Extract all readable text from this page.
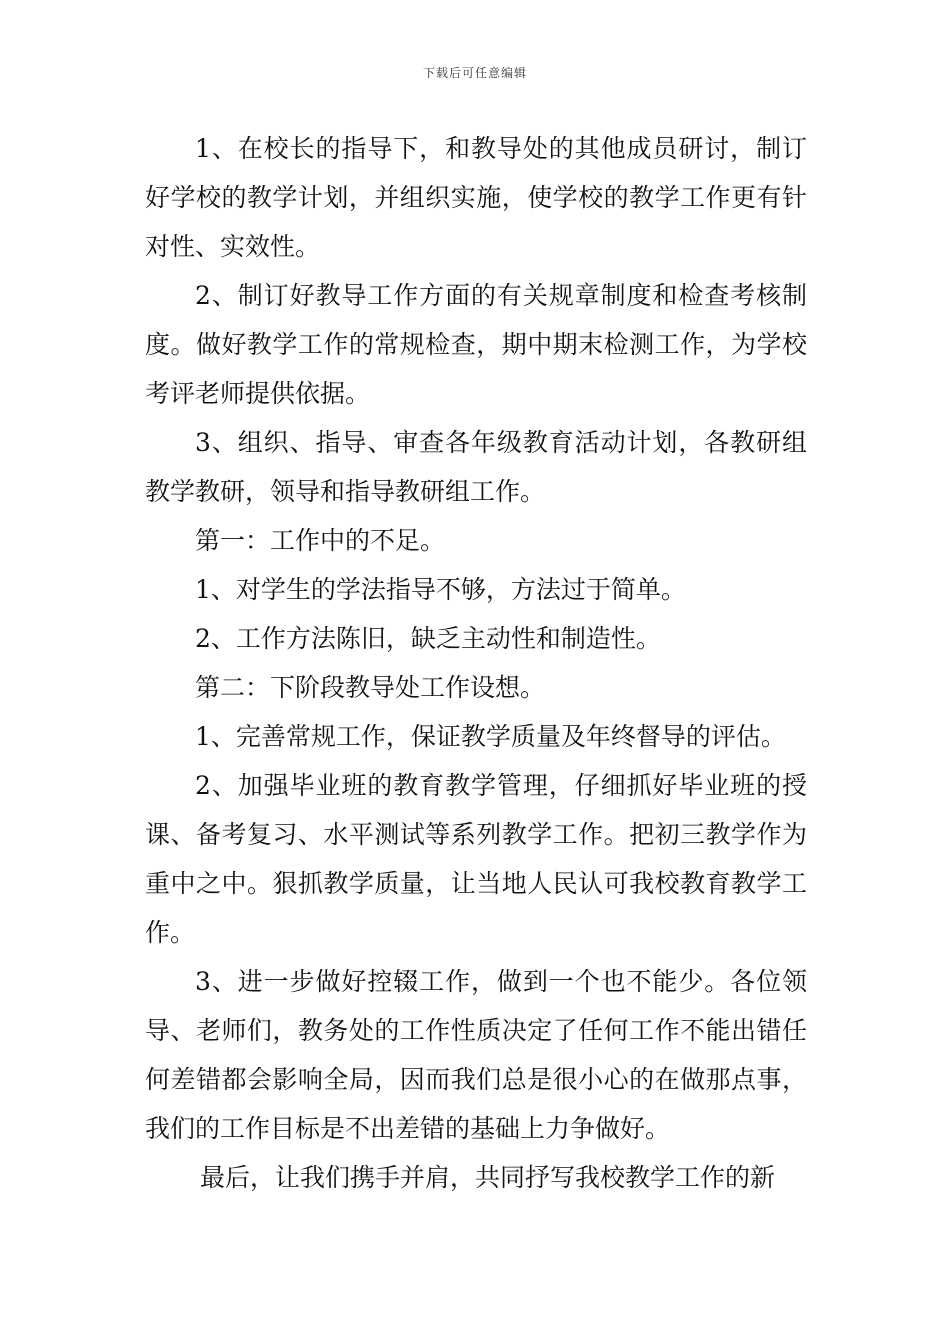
下载后可任意编辑

1、在校长的指导下，和教导处的其他成员研讨，制订好学校的教学计划，并组织实施，使学校的教学工作更有针对性、实效性。

2、制订好教导工作方面的有关规章制度和检查考核制度。做好教学工作的常规检查，期中期末检测工作，为学校考评老师提供依据。

3、组织、指导、审查各年级教育活动计划，各教研组教学教研，领导和指导教研组工作。

第一：工作中的不足。

1、对学生的学法指导不够，方法过于简单。

2、工作方法陈旧，缺乏主动性和制造性。

第二：下阶段教导处工作设想。

1、完善常规工作，保证教学质量及年终督导的评估。

2、加强毕业班的教育教学管理，仔细抓好毕业班的授课、备考复习、水平测试等系列教学工作。把初三教学作为重中之中。狠抓教学质量，让当地人民认可我校教育教学工作。

3、进一步做好控辍工作，做到一个也不能少。各位领导、老师们，教务处的工作性质决定了任何工作不能出错任何差错都会影响全局，因而我们总是很小心的在做那点事，我们的工作目标是不出差错的基础上力争做好。

最后，让我们携手并肩，共同抒写我校教学工作的新
